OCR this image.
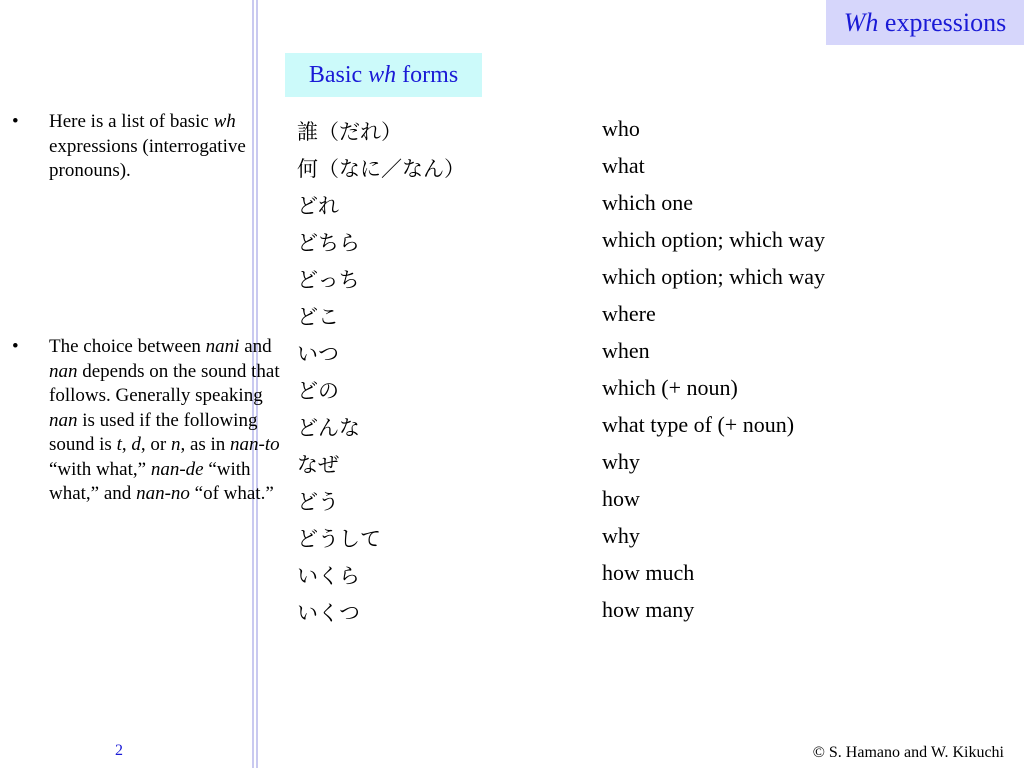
Wh expressions
Basic wh forms
• Here is a list of basic wh expressions (interrogative pronouns).
• The choice between nani and nan depends on the sound that follows. Generally speaking nan is used if the following sound is t, d, or n, as in nan-to “with what,” nan-de “with what,” and nan-no “of what.”
誰（だれ）	who
何（なに／なん）	what
どれ	which one
どちら	which option; which way
どっち	which option; which way
どこ	where
いつ	when
どの	which (+ noun)
どんな	what type of (+ noun)
なぜ	why
どう	how
どうして	why
いくら	how much
いくつ	how many
2	© S. Hamano and W. Kikuchi
